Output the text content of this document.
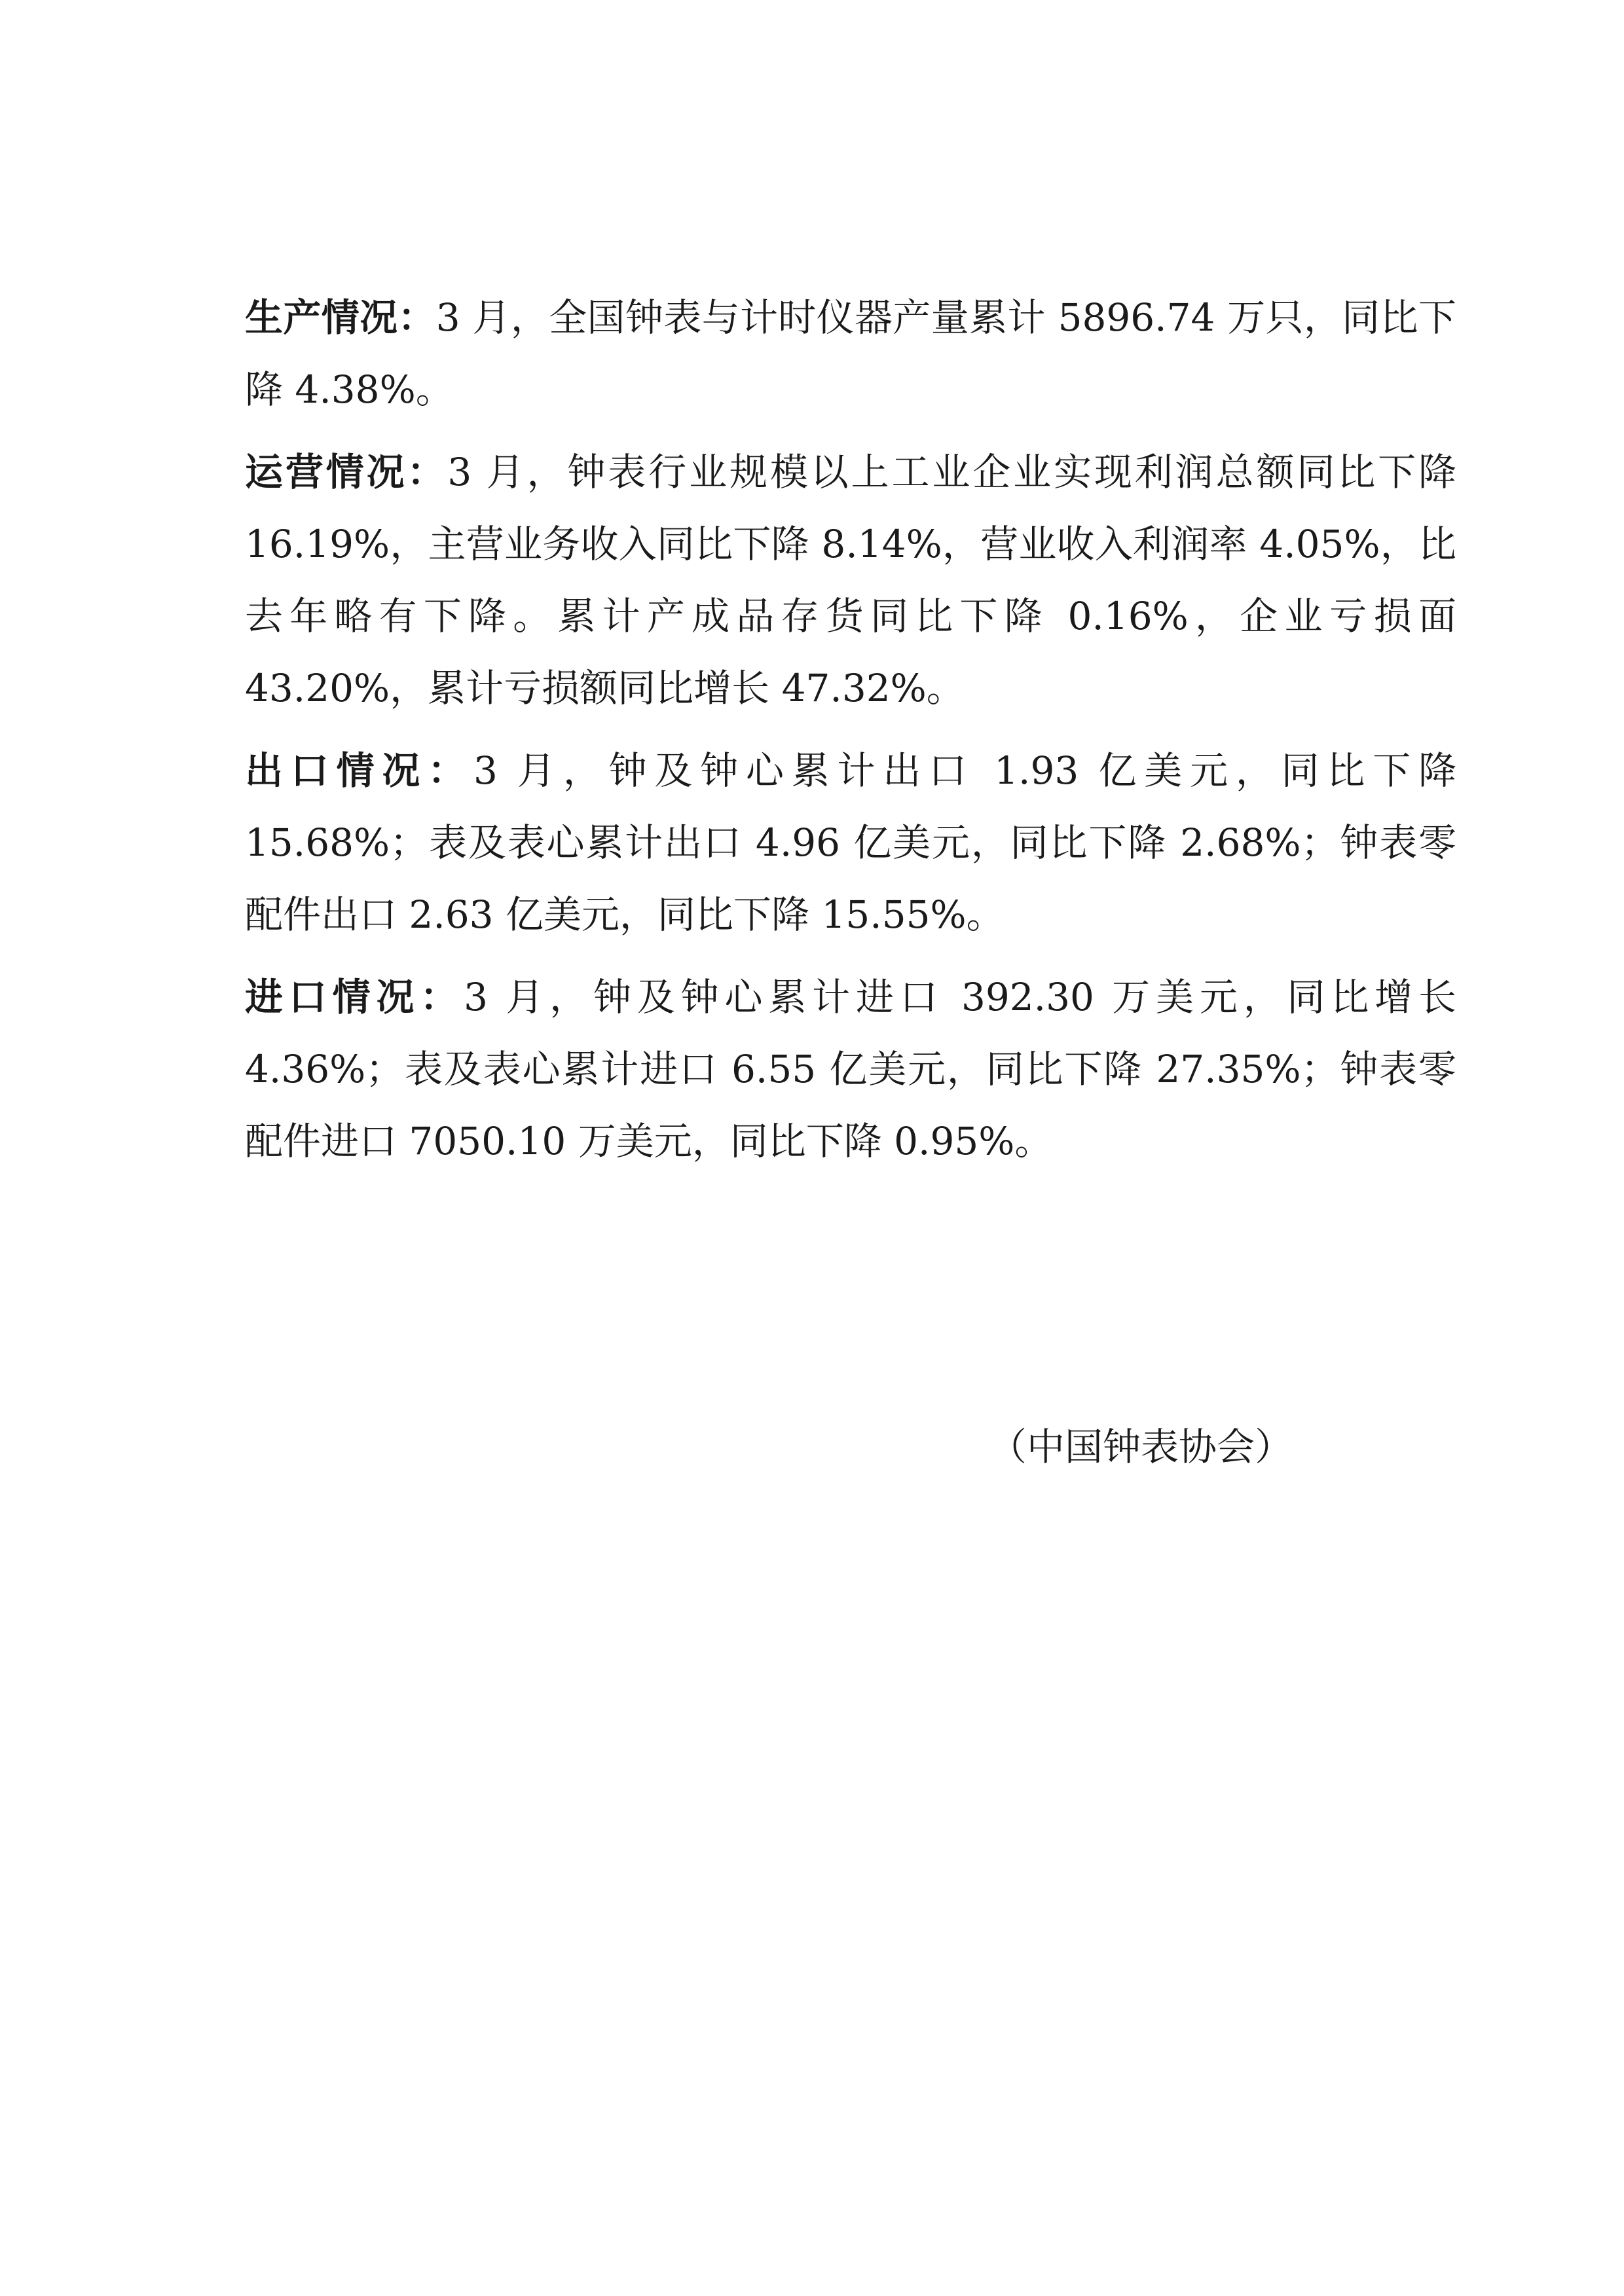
生产情况：3 月，全国钟表与计时仪器产量累计 5896.74 万只，同比下降 4.38%。

运营情况：3 月，钟表行业规模以上工业企业实现利润总额同比下降 16.19%，主营业务收入同比下降 8.14%，营业收入利润率 4.05%，比去年略有下降。累计产成品存货同比下降 0.16%，企业亏损面 43.20%，累计亏损额同比增长 47.32%。

出口情况：3 月，钟及钟心累计出口 1.93 亿美元，同比下降 15.68%；表及表心累计出口 4.96 亿美元，同比下降 2.68%；钟表零配件出口 2.63 亿美元，同比下降 15.55%。

进口情况：3 月，钟及钟心累计进口 392.30 万美元，同比增长 4.36%；表及表心累计进口 6.55 亿美元，同比下降 27.35%；钟表零配件进口 7050.10 万美元，同比下降 0.95%。

（中国钟表协会）
